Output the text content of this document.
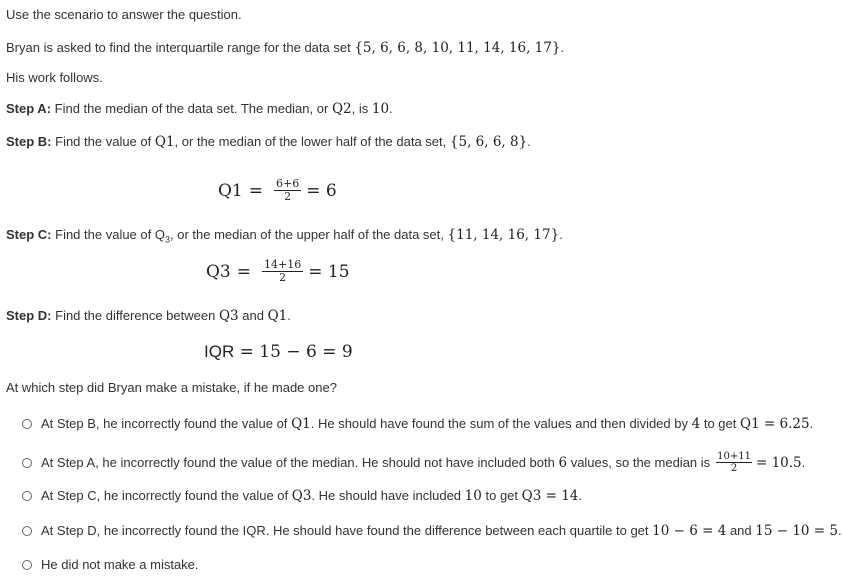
Use the scenario to answer the question.
Bryan is asked to find the interquartile range for the data set {5, 6, 6, 8, 10, 11, 14, 16, 17}.
His work follows.
Step A: Find the median of the data set. The median, or Q2, is 10.
Step B: Find the value of Q1, or the median of the lower half of the data set, {5, 6, 6, 8}.
$Q1 = \frac{6+6}{2} = 6$
Step C: Find the value of $Q_3$, or the median of the upper half of the data set, {11, 14, 16, 17}.
$Q3 = \frac{14+16}{2} = 15$
Step D: Find the difference between Q3 and Q1.
IQR
= 15 − 6 = 9
At which step did Bryan make a mistake, if he made one?
At Step B, he incorrectly found the value of
Q1 . He should have found the sum of the values and then divided by
4
to get
Q1 = 6.25 .
At Step A, he incorrectly found the value of the median. He should not have included both
6
values, so the median is $\frac{10+11}{2} = 10.5$ .
At Step C, he incorrectly found the value of
Q3 . He should have included
10
to get
Q3 = 14 .
At Step D, he incorrectly found the IQR. He should have found the difference between each quartile to get
10 − 6 = 4
and
15 − 10 = 5 .
He did not make a mistake.
